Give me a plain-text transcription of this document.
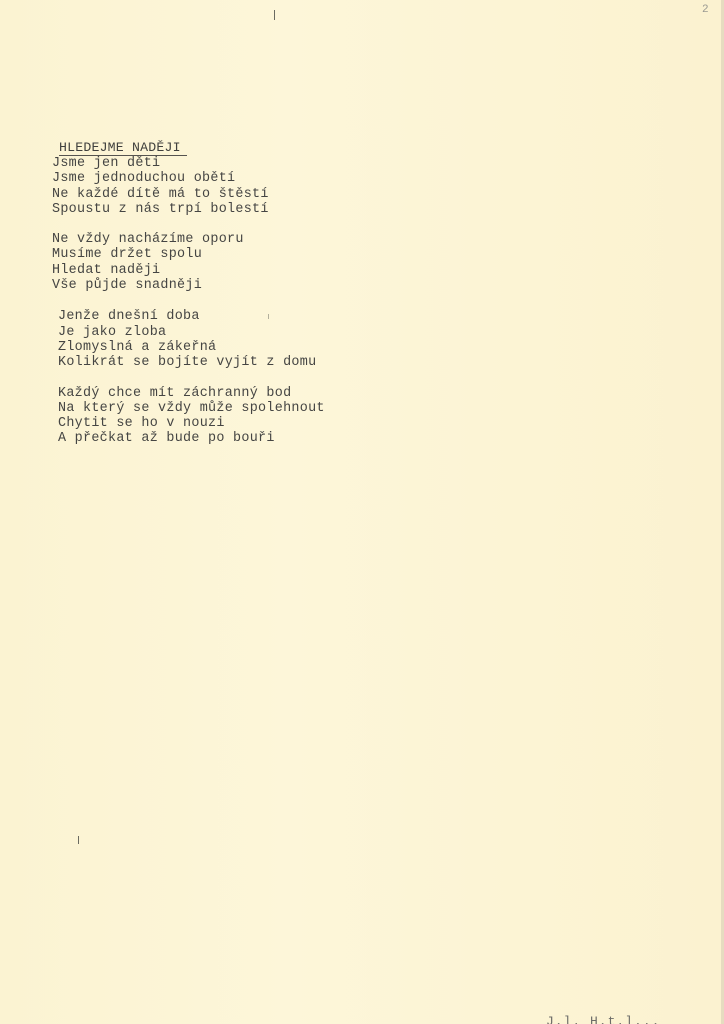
2
HLEDEJME NADĚJI
Jsme jen děti
Jsme jednoduchou obětí
Ne každé dítě má to štěstí
Spoustu z nás trpí bolestí
Ne vždy nacházíme oporu
Musíme držet spolu
Hledat naději
Vše půjde snadněji
Jenže dnešní doba
Je jako zloba
Zlomyslná a zákeřná
Kolikrát se bojíte vyjít z domu
Každý chce mít záchranný bod
Na který se vždy může spolehnout
Chytit se ho v nouzi
A přečkat až bude po bouři
J.l. H.t.l...
